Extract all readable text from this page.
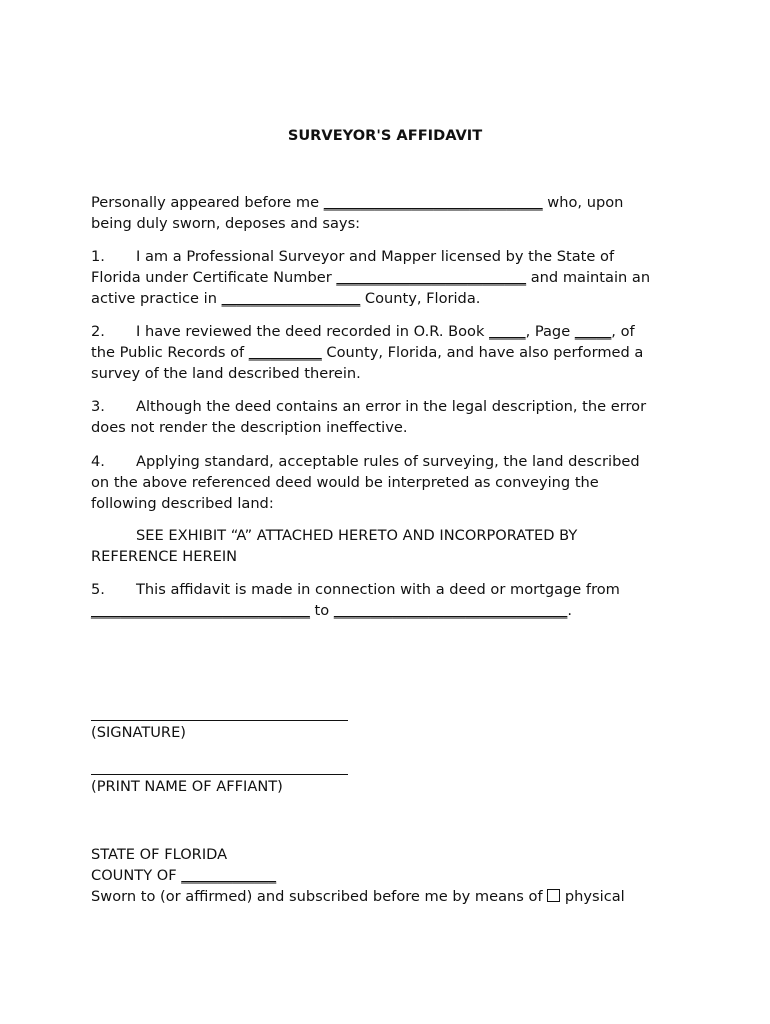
SURVEYOR'S AFFIDAVIT
Personally appeared before me ______________________________ who, upon
being duly sworn, deposes and says:
1. I am a Professional Surveyor and Mapper licensed by the State of
Florida under Certificate Number __________________________ and maintain an
active practice in ___________________ County, Florida.
2. I have reviewed the deed recorded in O.R. Book _____, Page _____, of
the Public Records of __________ County, Florida, and have also performed a
survey of the land described therein.
3. Although the deed contains an error in the legal description, the error
does not render the description ineffective.
4. Applying standard, acceptable rules of surveying, the land described
on the above referenced deed would be interpreted as conveying the
following described land:
SEE EXHIBIT “A” ATTACHED HERETO AND INCORPORATED BY
REFERENCE HEREIN
5. This affidavit is made in connection with a deed or mortgage from
______________________________ to ________________________________.
(SIGNATURE)
(PRINT NAME OF AFFIANT)
STATE OF FLORIDA
COUNTY OF _____________
Sworn to (or affirmed) and subscribed before me by means of  physical
